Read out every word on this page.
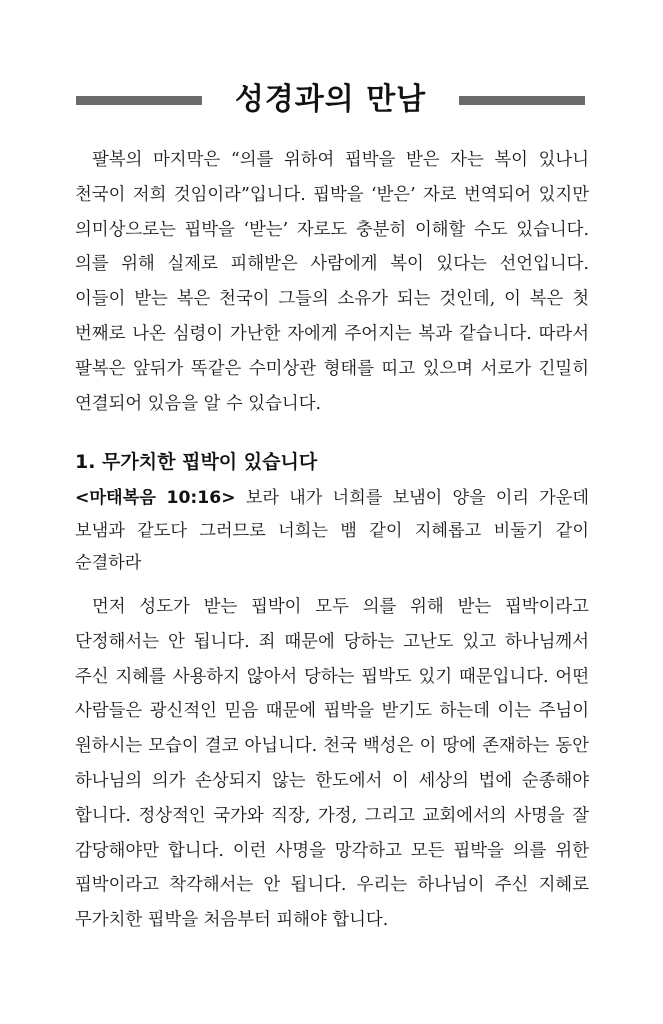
성경과의 만남

팔복의 마지막은 “의를 위하여 핍박을 받은 자는 복이 있나니 천국이 저희 것임이라”입니다. 핍박을 ‘받은’ 자로 번역되어 있지만 의미상으로는 핍박을 ‘받는’ 자로도 충분히 이해할 수도 있습니다. 의를 위해 실제로 피해받은 사람에게 복이 있다는 선언입니다. 이들이 받는 복은 천국이 그들의 소유가 되는 것인데, 이 복은 첫 번째로 나온 심령이 가난한 자에게 주어지는 복과 같습니다. 따라서 팔복은 앞뒤가 똑같은 수미상관 형태를 띠고 있으며 서로가 긴밀히 연결되어 있음을 알 수 있습니다.

1. 무가치한 핍박이 있습니다

<마태복음 10:16> 보라 내가 너희를 보냄이 양을 이리 가운데 보냄과 같도다 그러므로 너희는 뱀 같이 지혜롭고 비둘기 같이 순결하라

먼저 성도가 받는 핍박이 모두 의를 위해 받는 핍박이라고 단정해서는 안 됩니다. 죄 때문에 당하는 고난도 있고 하나님께서 주신 지혜를 사용하지 않아서 당하는 핍박도 있기 때문입니다. 어떤 사람들은 광신적인 믿음 때문에 핍박을 받기도 하는데 이는 주님이 원하시는 모습이 결코 아닙니다. 천국 백성은 이 땅에 존재하는 동안 하나님의 의가 손상되지 않는 한도에서 이 세상의 법에 순종해야 합니다. 정상적인 국가와 직장, 가정, 그리고 교회에서의 사명을 잘 감당해야만 합니다. 이런 사명을 망각하고 모든 핍박을 의를 위한 핍박이라고 착각해서는 안 됩니다. 우리는 하나님이 주신 지혜로 무가치한 핍박을 처음부터 피해야 합니다.
